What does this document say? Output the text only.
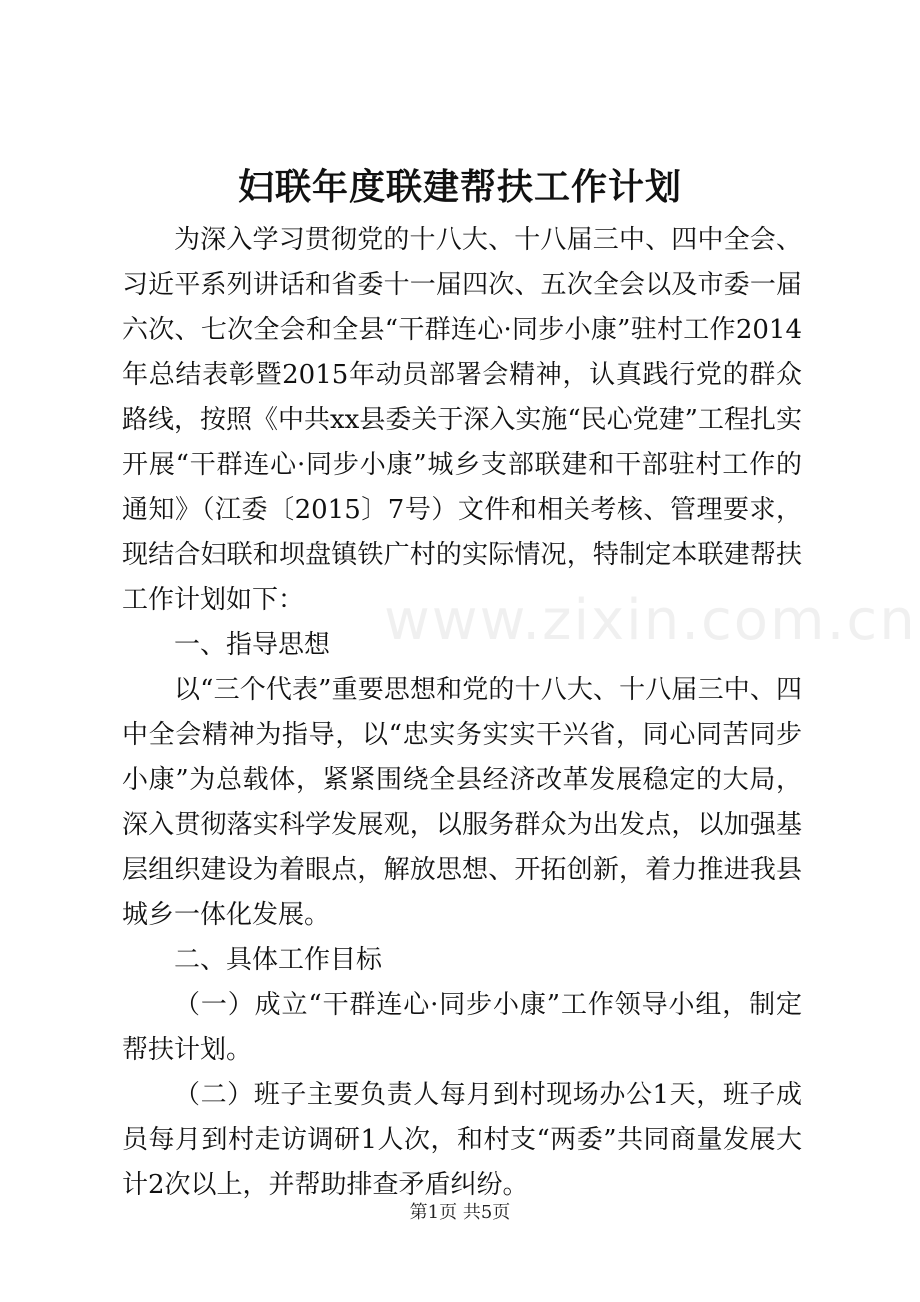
妇联年度联建帮扶工作计划

为深入学习贯彻党的十八大、十八届三中、四中全会、习近平系列讲话和省委十一届四次、五次全会以及市委一届六次、七次全会和全县“干群连心·同步小康”驻村工作2014年总结表彰暨2015年动员部署会精神，认真践行党的群众路线，按照《中共xx县委关于深入实施“民心党建”工程扎实开展“干群连心·同步小康”城乡支部联建和干部驻村工作的通知》（江委〔2015〕7号）文件和相关考核、管理要求，现结合妇联和坝盘镇铁广村的实际情况，特制定本联建帮扶工作计划如下：

一、指导思想

以“三个代表”重要思想和党的十八大、十八届三中、四中全会精神为指导，以“忠实务实实干兴省，同心同苦同步小康”为总载体，紧紧围绕全县经济改革发展稳定的大局，深入贯彻落实科学发展观，以服务群众为出发点，以加强基层组织建设为着眼点，解放思想、开拓创新，着力推进我县城乡一体化发展。

二、具体工作目标

（一）成立“干群连心·同步小康”工作领导小组，制定帮扶计划。

（二）班子主要负责人每月到村现场办公1天，班子成员每月到村走访调研1人次，和村支“两委”共同商量发展大计2次以上，并帮助排查矛盾纠纷。

www.zixin.com.cn
第1页 共5页
